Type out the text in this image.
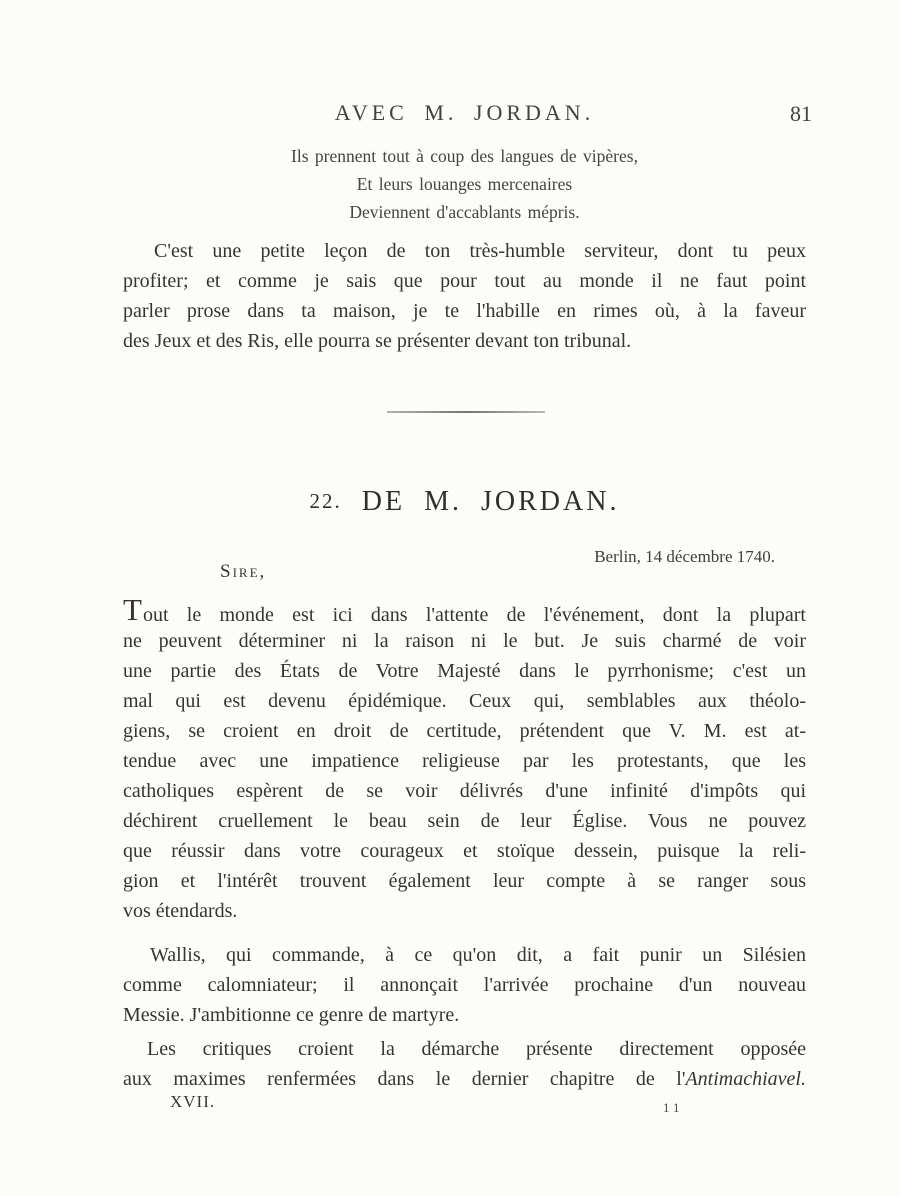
AVEC M. JORDAN.	81
Ils prennent tout à coup des langues de vipères,
Et leurs louanges mercenaires
Deviennent d'accablants mépris.
C'est une petite leçon de ton très-humble serviteur, dont tu peux
profiter; et comme je sais que pour tout au monde il ne faut point
parler prose dans ta maison, je te l'habille en rimes où, à la faveur
des Jeux et des Ris, elle pourra se présenter devant ton tribunal.
22. DE M. JORDAN.
Berlin, 14 décembre 1740.
Sire,
Tout le monde est ici dans l'attente de l'événement, dont la plupart
ne peuvent déterminer ni la raison ni le but. Je suis charmé de voir
une partie des États de Votre Majesté dans le pyrrhonisme; c'est un
mal qui est devenu épidémique. Ceux qui, semblables aux théolo-
giens, se croient en droit de certitude, prétendent que V. M. est at-
tendue avec une impatience religieuse par les protestants, que les
catholiques espèrent de se voir délivrés d'une infinité d'impôts qui
déchirent cruellement le beau sein de leur Église. Vous ne pouvez
que réussir dans votre courageux et stoïque dessein, puisque la reli-
gion et l'intérêt trouvent également leur compte à se ranger sous
vos étendards.
Wallis, qui commande, à ce qu'on dit, a fait punir un Silésien
comme calomniateur; il annonçait l'arrivée prochaine d'un nouveau
Messie. J'ambitionne ce genre de martyre.
Les critiques croient la démarche présente directement opposée
aux maximes renfermées dans le dernier chapitre de l'Antimachiavel.
XVII.	11
